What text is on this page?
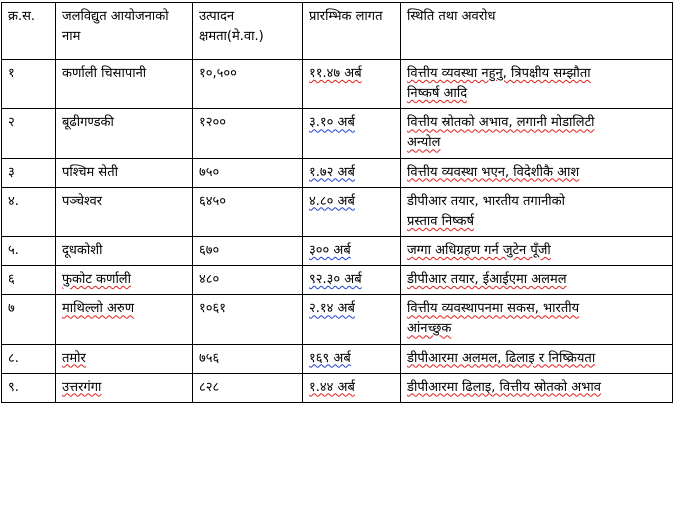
क्र.स.	जलविद्युत आयोजनाको नाम	उत्पादन क्षमता(मे.वा.)	प्रारम्भिक लागत	स्थिति तथा अवरोध

१	कर्णाली चिसापानी	१०,५००	११.४७ अर्ब	वित्तीय व्यवस्था नहुनु, त्रिपक्षीय सम्झौता
निष्कर्ष आदि

२	बूढीगण्डकी	१२००	३.१० अर्ब	वित्तीय स्रोतको अभाव, लगानी मोडालिटी
अन्योल

३	पश्चिम सेती	७५०	१.७२ अर्ब	वित्तीय व्यवस्था भएन, विदेशीकै आश

४.	पञ्चेश्वर	६४५०	४.८० अर्ब	डीपीआर तयार, भारतीय तगानीको
प्रस्ताव निष्कर्ष

५.	दूधकोशी	६७०	३०० अर्ब	जग्गा अधिग्रहण गर्न जुटेन पूँजी

६	फुकोट कर्णाली	४८०	९२.३० अर्ब	डीपीआर तयार, ईआईएमा अलमल

७	माथिल्लो अरुण	१०६१	२.१४ अर्ब	वित्तीय व्यवस्थापनमा सकस, भारतीय
आंनच्छुक

८.	तमोर	७५६	१६९ अर्ब	डीपीआरमा अलमल, ढिलाइ र निष्क्रियता

९.	उत्तरगंगा	८२८	१.४४ अर्ब	डीपीआरमा ढिलाइ, वित्तीय स्रोतको अभाव
